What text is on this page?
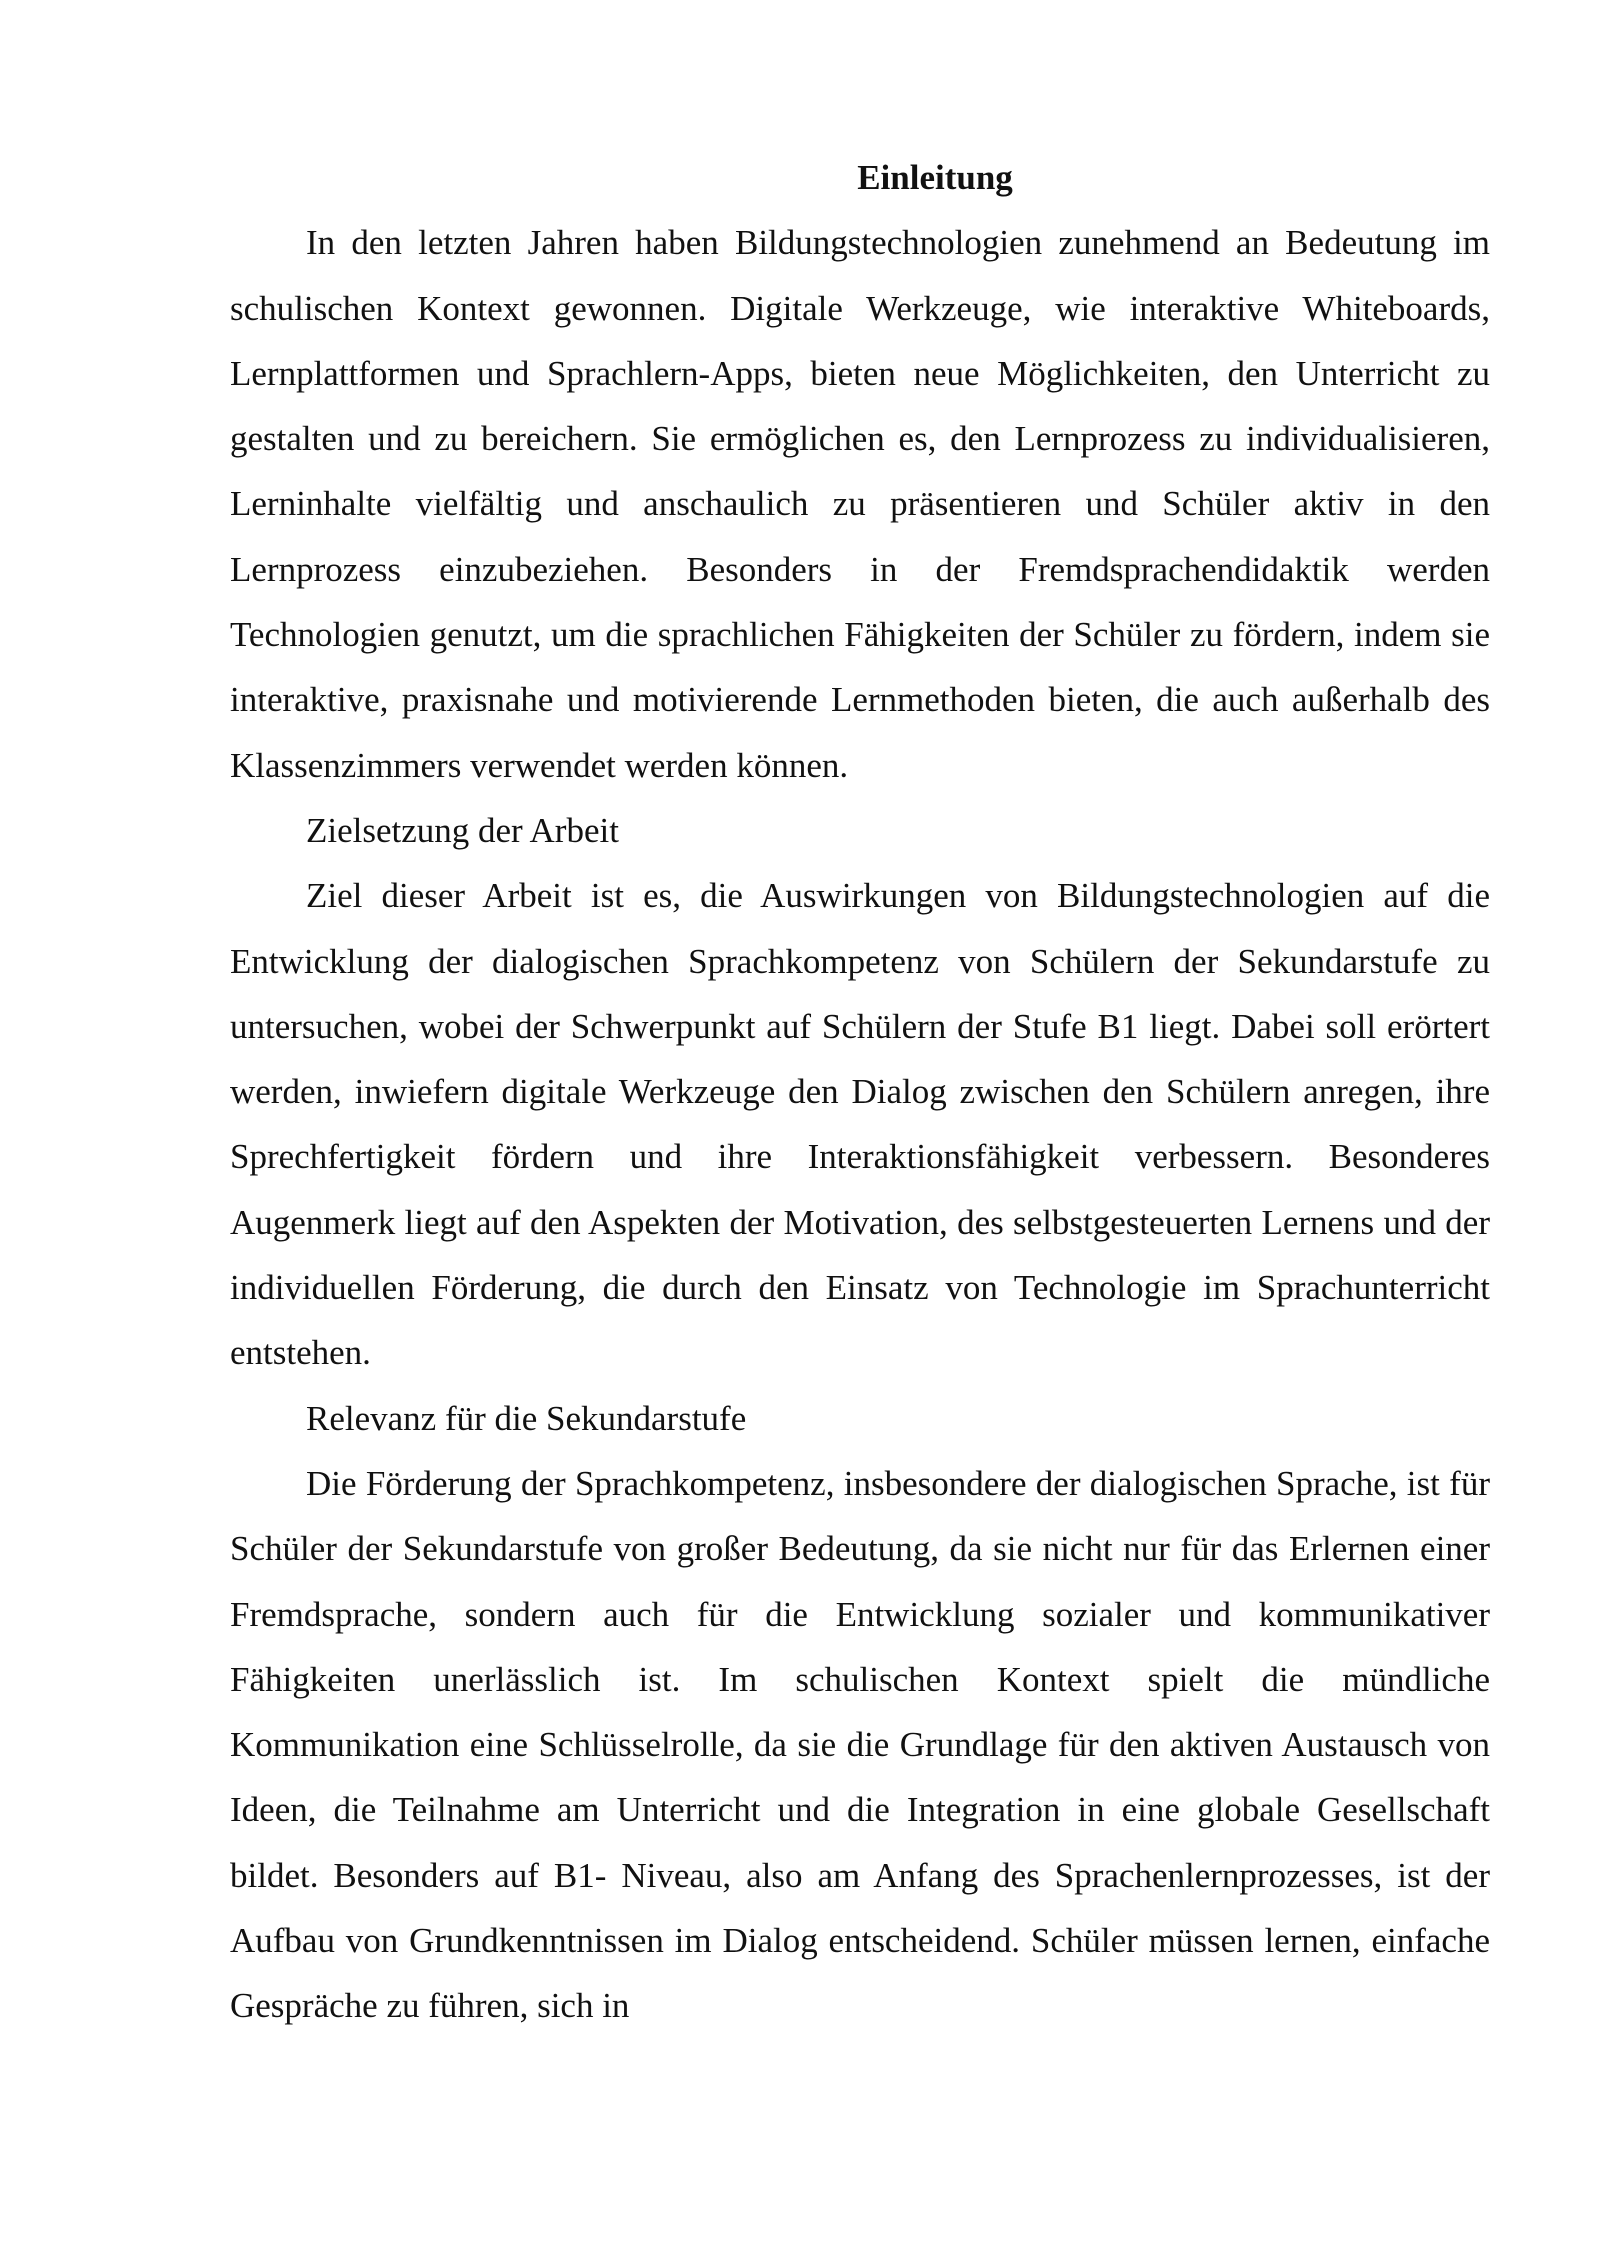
Einleitung

In den letzten Jahren haben Bildungstechnologien zunehmend an Bedeutung im schulischen Kontext gewonnen. Digitale Werkzeuge, wie interaktive Whiteboards, Lernplattformen und Sprachlern-Apps, bieten neue Möglichkeiten, den Unterricht zu gestalten und zu bereichern. Sie ermöglichen es, den Lernprozess zu individualisieren, Lerninhalte vielfältig und anschaulich zu präsentieren und Schüler aktiv in den Lernprozess einzubeziehen. Besonders in der Fremdsprachendidaktik werden Technologien genutzt, um die sprachlichen Fähigkeiten der Schüler zu fördern, indem sie interaktive, praxisnahe und motivierende Lernmethoden bieten, die auch außerhalb des Klassenzimmers verwendet werden können.

Zielsetzung der Arbeit

Ziel dieser Arbeit ist es, die Auswirkungen von Bildungstechnologien auf die Entwicklung der dialogischen Sprachkompetenz von Schülern der Sekundarstufe zu untersuchen, wobei der Schwerpunkt auf Schülern der Stufe B1 liegt. Dabei soll erörtert werden, inwiefern digitale Werkzeuge den Dialog zwischen den Schülern anregen, ihre Sprechfertigkeit fördern und ihre Interaktionsfähigkeit verbessern. Besonderes Augenmerk liegt auf den Aspekten der Motivation, des selbstgesteuerten Lernens und der individuellen Förderung, die durch den Einsatz von Technologie im Sprachunterricht entstehen.

Relevanz für die Sekundarstufe

Die Förderung der Sprachkompetenz, insbesondere der dialogischen Sprache, ist für Schüler der Sekundarstufe von großer Bedeutung, da sie nicht nur für das Erlernen einer Fremdsprache, sondern auch für die Entwicklung sozialer und kommunikativer Fähigkeiten unerlässlich ist. Im schulischen Kontext spielt die mündliche Kommunikation eine Schlüsselrolle, da sie die Grundlage für den aktiven Austausch von Ideen, die Teilnahme am Unterricht und die Integration in eine globale Gesellschaft bildet. Besonders auf B1- Niveau, also am Anfang des Sprachenlernprozesses, ist der Aufbau von Grundkenntnissen im Dialog entscheidend. Schüler müssen lernen, einfache Gespräche zu führen, sich in
